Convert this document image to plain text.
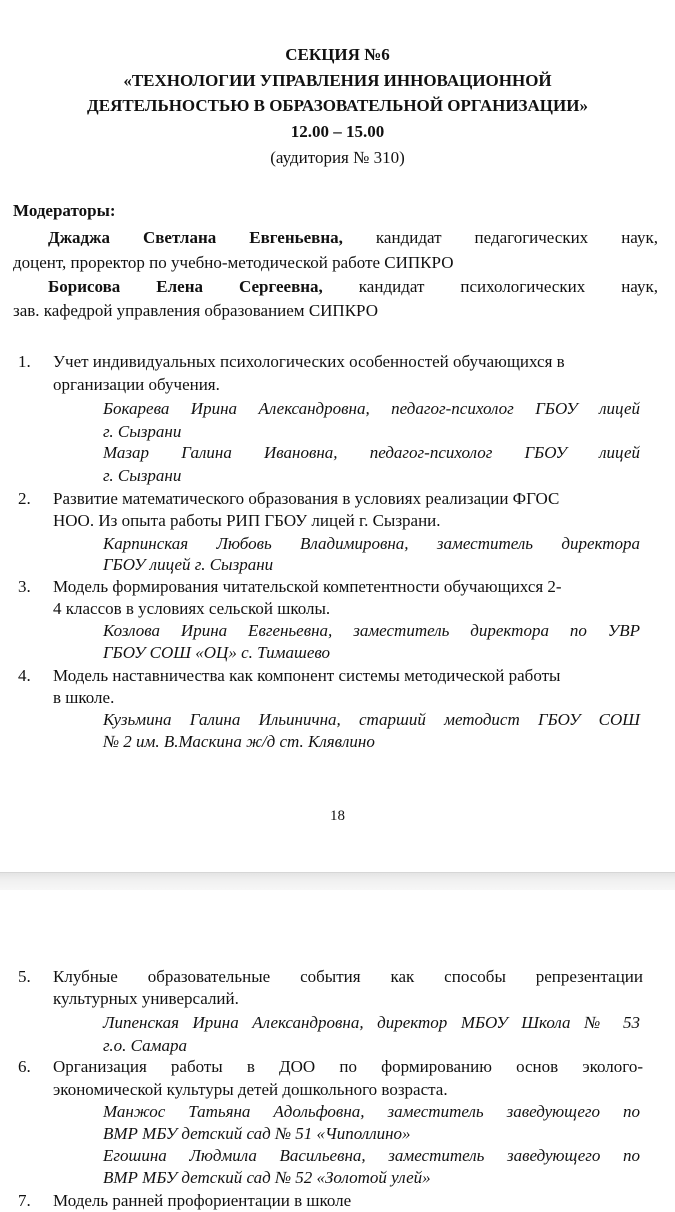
СЕКЦИЯ №6
«ТЕХНОЛОГИИ УПРАВЛЕНИЯ ИННОВАЦИОННОЙ
ДЕЯТЕЛЬНОСТЬЮ В ОБРАЗОВАТЕЛЬНОЙ ОРГАНИЗАЦИИ»
12.00 – 15.00
(аудитория № 310)
Модераторы:
Джаджа Светлана Евгеньевна, кандидат педагогических наук,
доцент, проректор по учебно-методической работе СИПКРО
Борисова Елена Сергеевна, кандидат психологических наук,
зав. кафедрой управления образованием СИПКРО
1.	Учет индивидуальных психологических особенностей обучающихся в
организации обучения.
Бокарева Ирина Александровна, педагог-психолог ГБОУ лицей
г. Сызрани
Мазар Галина Ивановна, педагог-психолог ГБОУ лицей
г. Сызрани
2.	Развитие математического образования в условиях реализации ФГОС
НОО. Из опыта работы РИП ГБОУ лицей г. Сызрани.
Карпинская Любовь Владимировна, заместитель директора
ГБОУ лицей г. Сызрани
3.	Модель формирования читательской компетентности обучающихся 2-
4 классов в условиях сельской школы.
Козлова Ирина Евгеньевна, заместитель директора по УВР
ГБОУ СОШ «ОЦ» с. Тимашево
4.	Модель наставничества как компонент системы методической работы
в школе.
Кузьмина Галина Ильинична, старший методист ГБОУ СОШ
№ 2 им. В.Маскина ж/д ст. Клявлино
18
5.	Клубные образовательные события как способы репрезентации
культурных универсалий.
Липенская Ирина Александровна, директор МБОУ Школа № 53
г.о. Самара
6.	Организация работы в ДОО по формированию основ эколого-
экономической культуры детей дошкольного возраста.
Манжос Татьяна Адольфовна, заместитель заведующего по
ВМР МБУ детский сад № 51 «Чиполлино»
Егошина Людмила Васильевна, заместитель заведующего по
ВМР МБУ детский сад № 52 «Золотой улей»
7.	Модель ранней профориентации в школе
